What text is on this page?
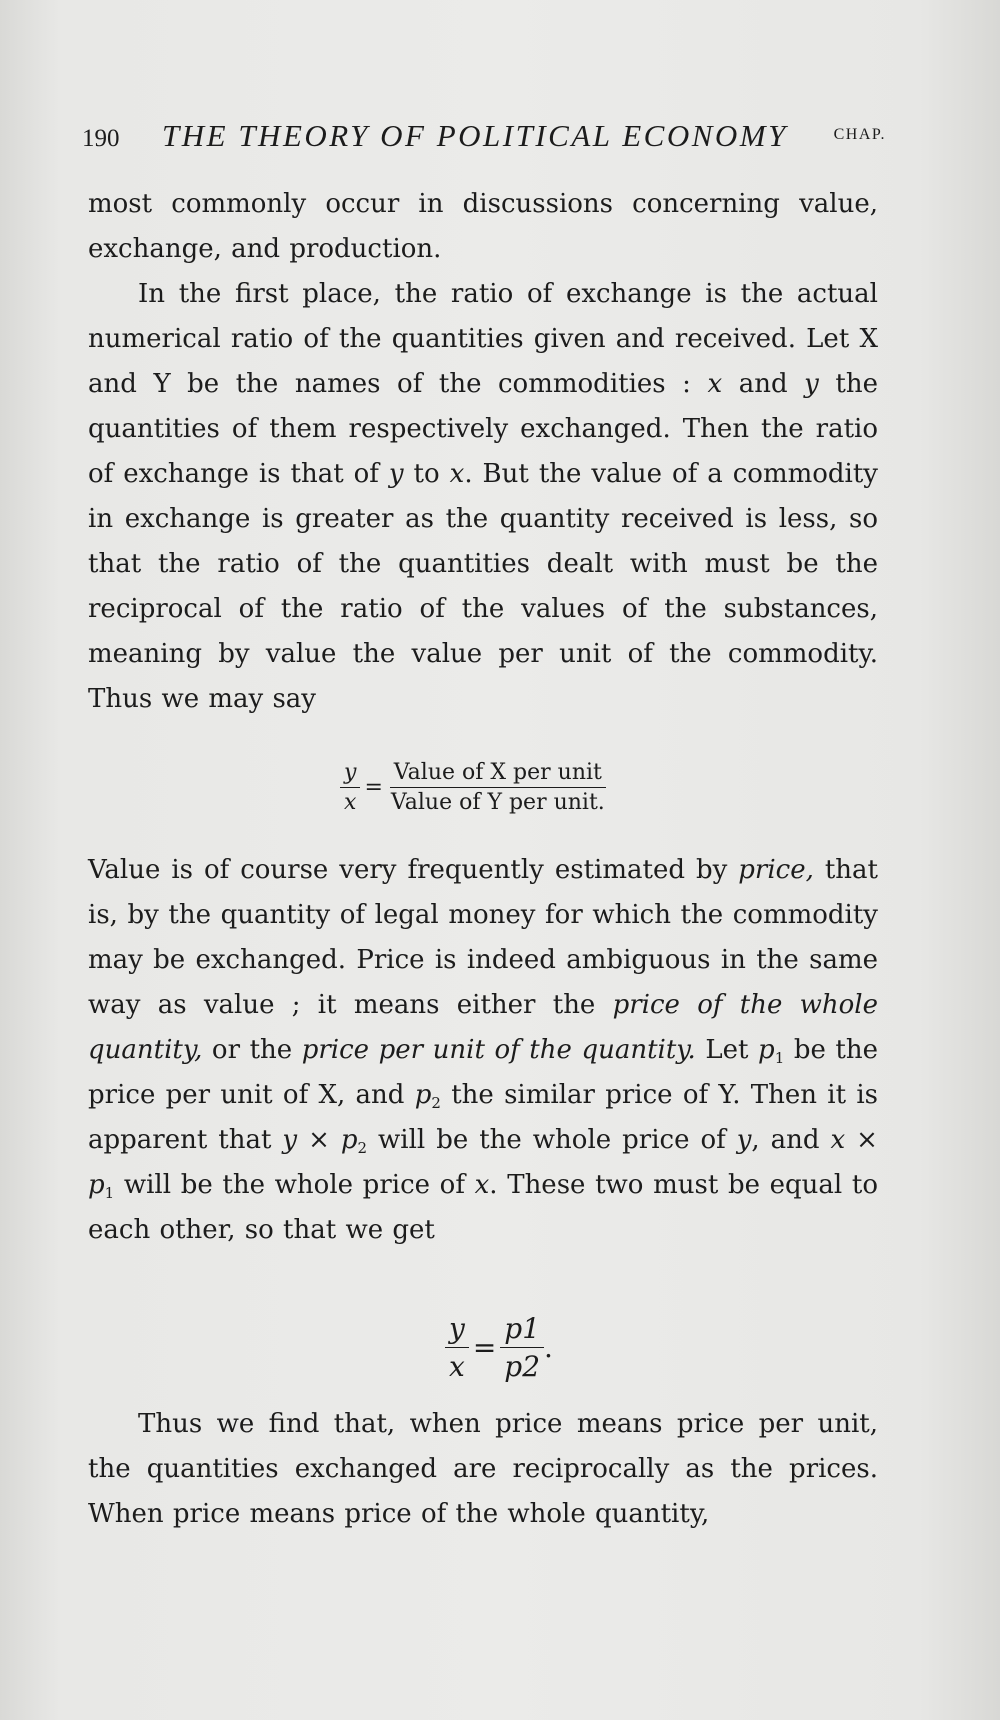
190	THE THEORY OF POLITICAL ECONOMY	CHAP.

most commonly occur in discussions concerning value, exchange, and production.

In the first place, the ratio of exchange is the actual numerical ratio of the quantities given and received. Let X and Y be the names of the commodities : x and y the quantities of them respectively exchanged. Then the ratio of exchange is that of y to x. But the value of a commodity in exchange is greater as the quantity received is less, so that the ratio of the quantities dealt with must be the reciprocal of the ratio of the values of the substances, meaning by value the value per unit of the commodity. Thus we may say

$\frac{y}{x} = \frac{\text{Value of X per unit}}{\text{Value of Y per unit.}}$

Value is of course very frequently estimated by price, that is, by the quantity of legal money for which the commodity may be exchanged. Price is indeed ambiguous in the same way as value ; it means either the price of the whole quantity, or the price per unit of the quantity. Let $p_1$ be the price per unit of X, and $p_2$ the similar price of Y. Then it is apparent that $y \times p_2$ will be the whole price of y, and $x \times p_1$ will be the whole price of x. These two must be equal to each other, so that we get

$\frac{y}{x} = \frac{p1}{p2}$ .

Thus we find that, when price means price per unit, the quantities exchanged are reciprocally as the prices. When price means price of the whole quantity,
